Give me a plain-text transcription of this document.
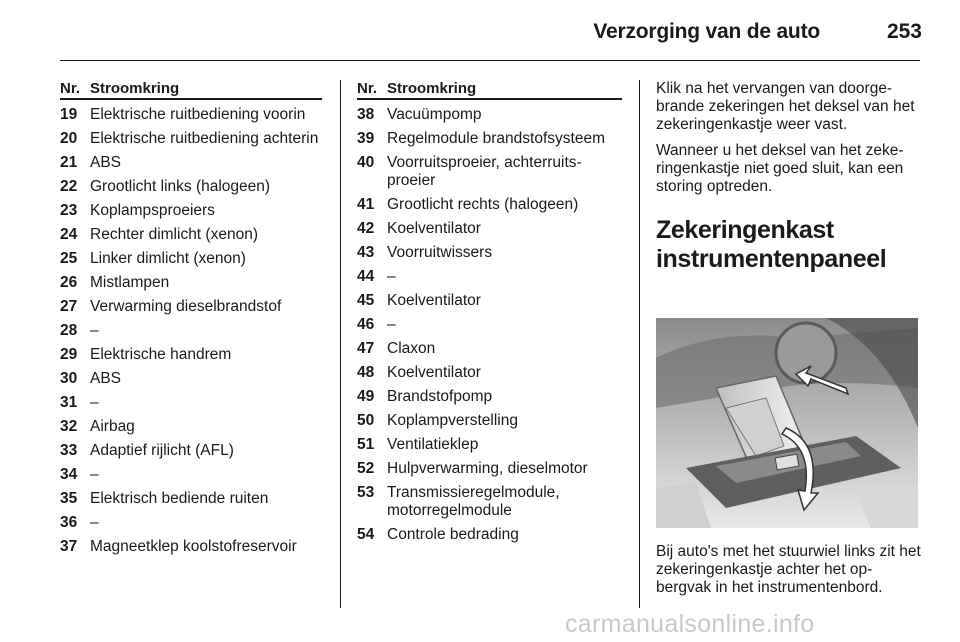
Verzorging van de auto	253
Nr. Stroomkring
19 Elektrische ruitbediening voorin
20 Elektrische ruitbediening achterin
21 ABS
22 Grootlicht links (halogeen)
23 Koplampsproeiers
24 Rechter dimlicht (xenon)
25 Linker dimlicht (xenon)
26 Mistlampen
27 Verwarming dieselbrandstof
28 –
29 Elektrische handrem
30 ABS
31 –
32 Airbag
33 Adaptief rijlicht (AFL)
34 –
35 Elektrisch bediende ruiten
36 –
37 Magneetklep koolstofreservoir
Nr. Stroomkring
38 Vacuümpomp
39 Regelmodule brandstofsysteem
40 Voorruitsproeier, achterruits-proeier
41 Grootlicht rechts (halogeen)
42 Koelventilator
43 Voorruitwissers
44 –
45 Koelventilator
46 –
47 Claxon
48 Koelventilator
49 Brandstofpomp
50 Koplampverstelling
51 Ventilatieklep
52 Hulpverwarming, dieselmotor
53 Transmissieregelmodule, motorregelmodule
54 Controle bedrading

Klik na het vervangen van doorge-brande zekeringen het deksel van het zekeringenkastje weer vast.

Wanneer u het deksel van het zeke-ringenkastje niet goed sluit, kan een storing optreden.

Zekeringenkast instrumentenpaneel

Bij auto's met het stuurwiel links zit het zekeringenkastje achter het op-bergvak in het instrumentenbord.

carmanualsonline.info
